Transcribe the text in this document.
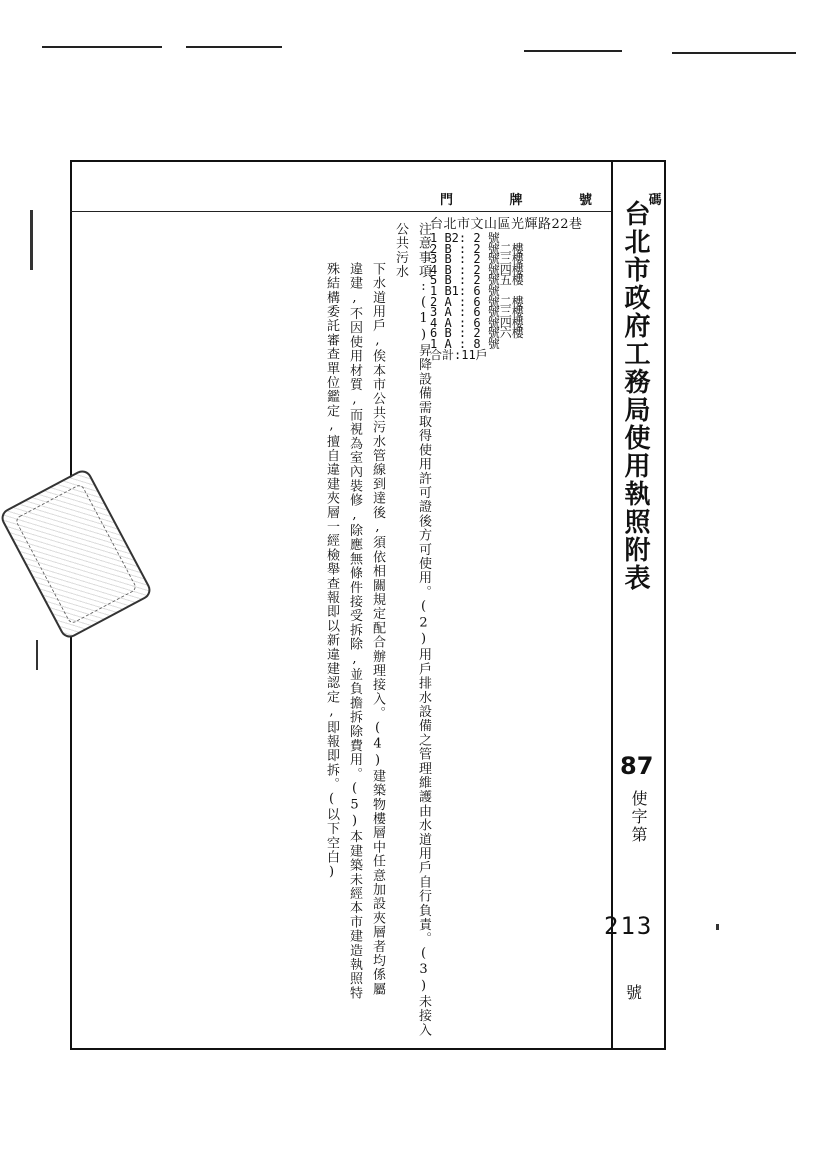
門 牌 號 碼
台北市文山區光輝路22巷
1 B2: 2 號
2 B : 2 號二樓
3 B : 2 號三樓
4 B : 2 號四樓
5 B : 2 號五樓
1 B1: 6 號
2 A : 6 號二樓
3 A : 6 號三樓
4 A : 6 號四樓
6 B : 2 號六樓
1 A : 8 號
合計:11戶
注意事項:(1)昇降設備需取得使用許可證後方可使用。(2)用戶排水設備之管理維護由水道用戶自行負責。(3)未接入公共污水
下水道用戶,俟本市公共污水管線到達後,須依相關規定配合辦理接入。(4)建築物樓層中任意加設夾層者均係屬
違建,不因使用材質,而視為室內裝修,除應無條件接受拆除,並負擔拆除費用。(5)本建築未經本市建造執照特
殊結構委託審查單位鑑定,擅自違建夾層一經檢舉查報即以新違建認定,即報即拆。(以下空白)	台北市政府工務局使用執照附表
87
使字第
213
號
